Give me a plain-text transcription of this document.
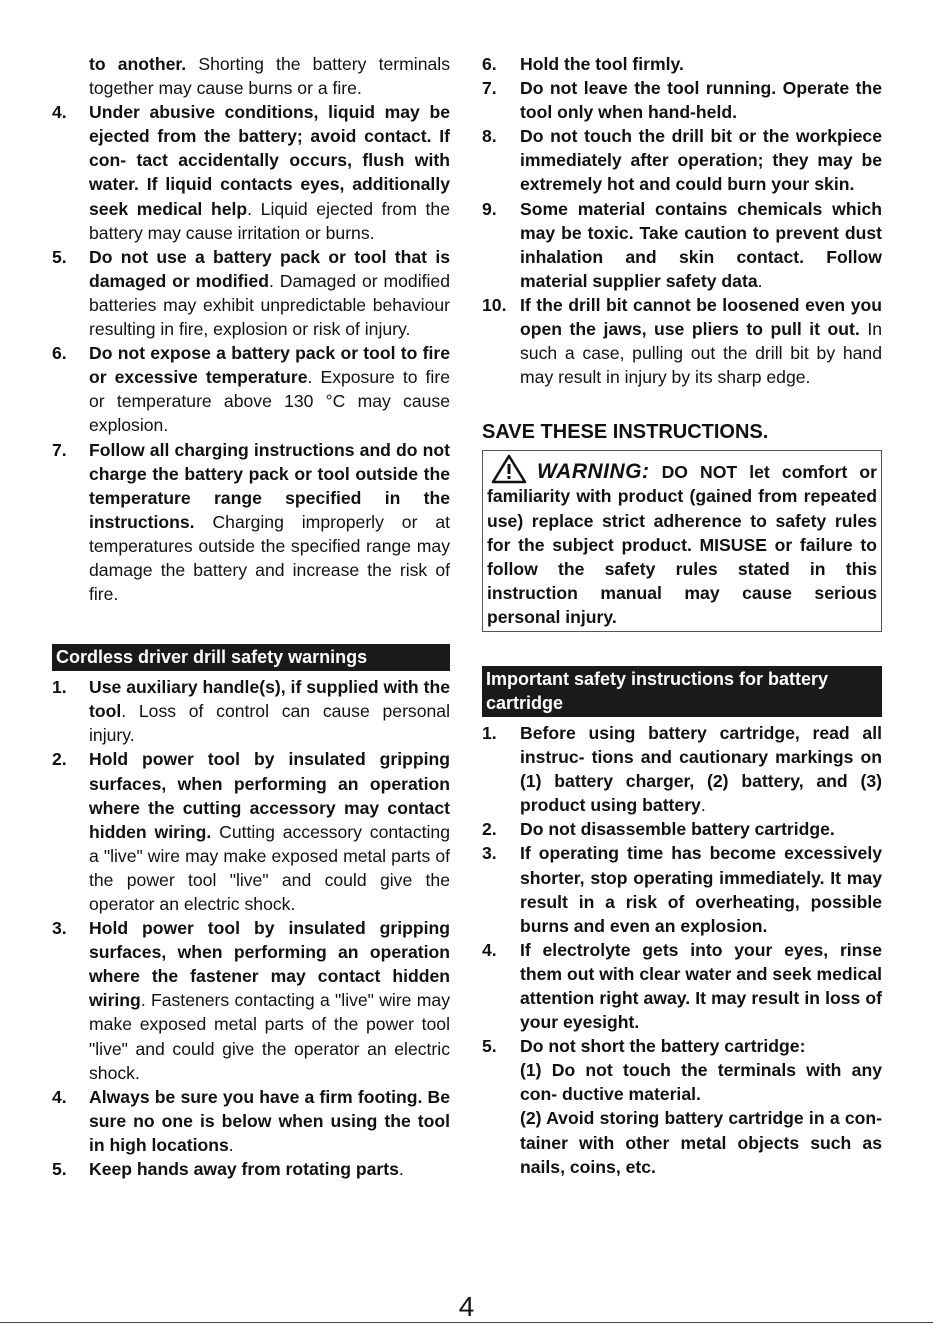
to another. Shorting the battery terminals together may cause burns or a fire.

4. Under abusive conditions, liquid may be ejected from the battery; avoid contact. If con- tact accidentally occurs, flush with water. If liquid contacts eyes, additionally seek medical help. Liquid ejected from the battery may cause irritation or burns.
5. Do not use a battery pack or tool that is damaged or modified. Damaged or modified batteries may exhibit unpredictable behaviour resulting in fire, explosion or risk of injury.
6. Do not expose a battery pack or tool to fire or excessive temperature. Exposure to fire or temperature above 130 °C may cause explosion.
7. Follow all charging instructions and do not charge the battery pack or tool outside the temperature range specified in the instructions. Charging improperly or at temperatures outside the specified range may damage the battery and increase the risk of fire.
Cordless driver drill safety warnings
1. Use auxiliary handle(s), if supplied with the tool. Loss of control can cause personal injury.
2. Hold power tool by insulated gripping surfaces, when performing an operation where the cutting accessory may contact hidden wiring. Cutting accessory contacting a "live" wire may make exposed metal parts of the power tool "live" and could give the operator an electric shock.
3. Hold power tool by insulated gripping surfaces, when performing an operation where the fastener may contact hidden wiring. Fasteners contacting a "live" wire may make exposed metal parts of the power tool "live" and could give the operator an electric shock.
4. Always be sure you have a firm footing. Be sure no one is below when using the tool in high locations.
5. Keep hands away from rotating parts.
6. Hold the tool firmly.
7. Do not leave the tool running. Operate the tool only when hand-held.
8. Do not touch the drill bit or the workpiece immediately after operation; they may be extremely hot and could burn your skin.
9. Some material contains chemicals which may be toxic. Take caution to prevent dust inhalation and skin contact. Follow material supplier safety data.
10. If the drill bit cannot be loosened even you open the jaws, use pliers to pull it out. In such a case, pulling out the drill bit by hand may result in injury by its sharp edge.

SAVE THESE INSTRUCTIONS.

WARNING: DO NOT let comfort or familiarity with product (gained from repeated use) replace strict adherence to safety rules for the subject product. MISUSE or failure to follow the safety rules stated in this instruction manual may cause serious personal injury.
Important safety instructions for battery cartridge
1. Before using battery cartridge, read all instruc- tions and cautionary markings on (1) battery charger, (2) battery, and (3) product using battery.
2. Do not disassemble battery cartridge.
3. If operating time has become excessively shorter, stop operating immediately. It may result in a risk of overheating, possible burns and even an explosion.
4. If electrolyte gets into your eyes, rinse them out with clear water and seek medical attention right away. It may result in loss of your eyesight.
5. Do not short the battery cartridge:
(1) Do not touch the terminals with any con- ductive material.
(2) Avoid storing battery cartridge in a con- tainer with other metal objects such as nails, coins, etc.
4
